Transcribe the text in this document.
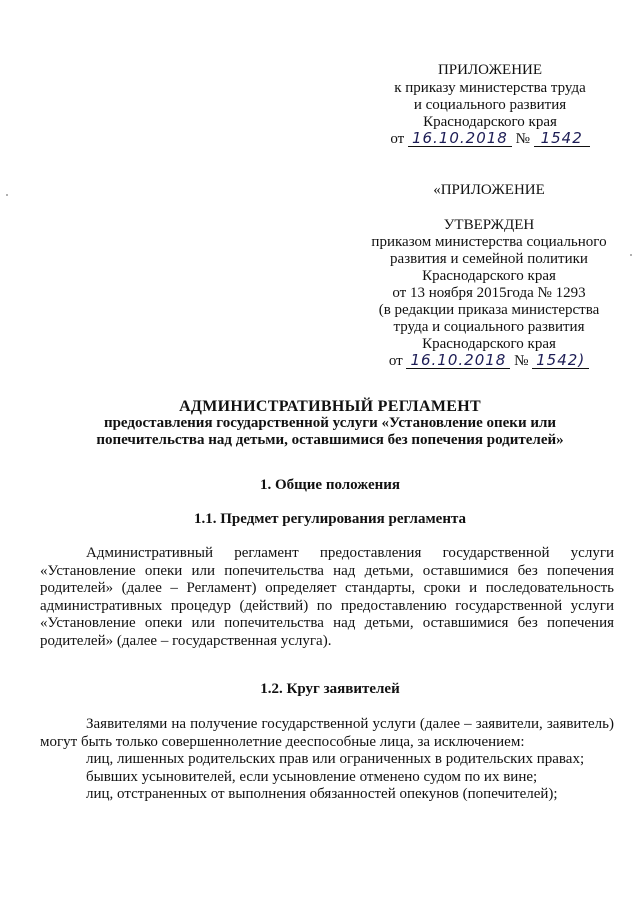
ПРИЛОЖЕНИЕ
к приказу министерства труда
и социального развития
Краснодарского края
от 16.10.2018 № 1542
«ПРИЛОЖЕНИЕ
УТВЕРЖДЕН
приказом министерства социального
развития и семейной политики
Краснодарского края
от 13 ноября 2015года № 1293
(в редакции приказа министерства
труда и социального развития
Краснодарского края
от 16.10.2018 № 1542)
АДМИНИСТРАТИВНЫЙ РЕГЛАМЕНТ
предоставления государственной услуги «Установление опеки или
попечительства над детьми, оставшимися без попечения родителей»
1. Общие положения
1.1. Предмет регулирования регламента
Административный регламент предоставления государственной услуги «Установление опеки или попечительства над детьми, оставшимися без попечения родителей» (далее – Регламент) определяет стандарты, сроки и последовательность административных процедур (действий) по предоставлению государственной услуги «Установление опеки или попечительства над детьми, оставшимися без попечения родителей» (далее – государственная услуга).
1.2. Круг заявителей
Заявителями на получение государственной услуги (далее – заявители, заявитель) могут быть только совершеннолетние дееспособные лица, за исключением:
лиц, лишенных родительских прав или ограниченных в родительских правах;
бывших усыновителей, если усыновление отменено судом по их вине;
лиц, отстраненных от выполнения обязанностей опекунов (попечителей);
